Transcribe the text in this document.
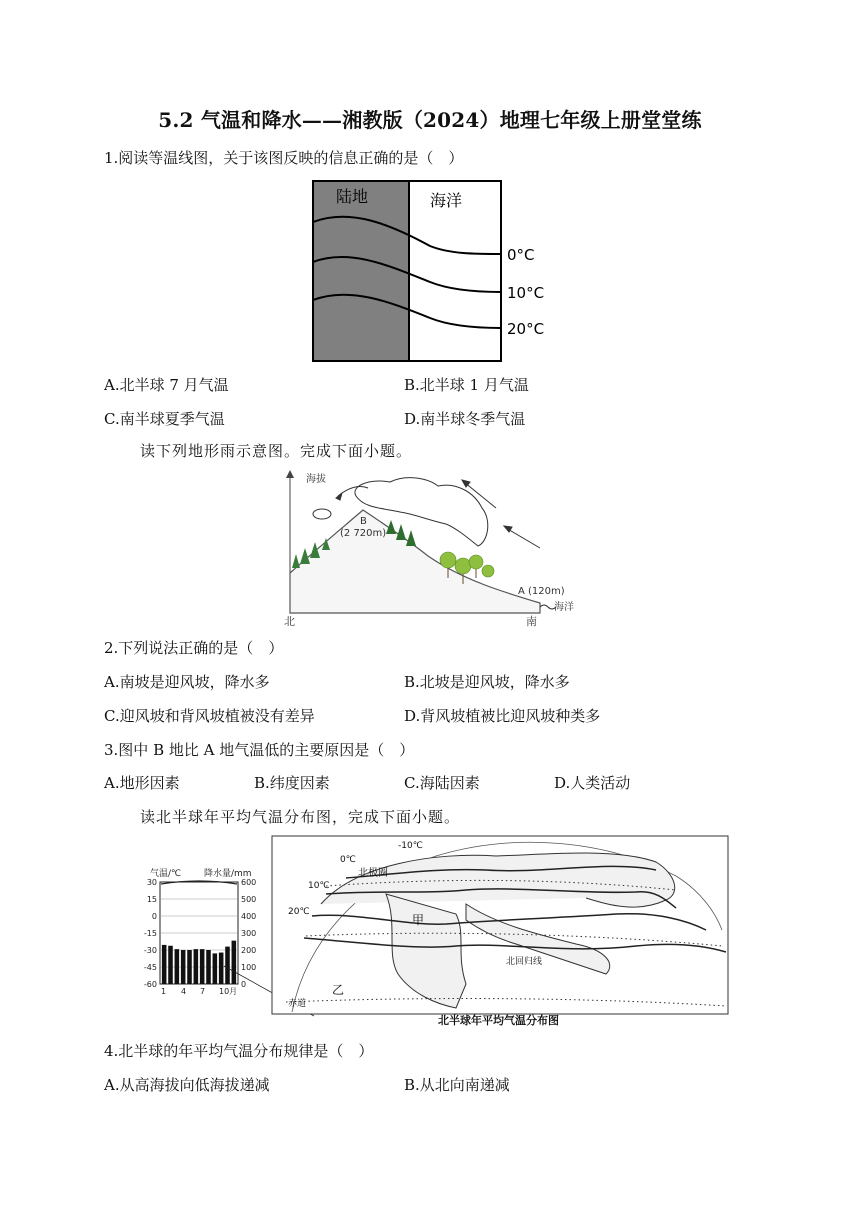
5.2 气温和降水——湘教版（2024）地理七年级上册堂堂练
1.阅读等温线图，关于该图反映的信息正确的是（　）
陆地	海洋
0°C
10°C
20°C
A.北半球 7 月气温	B.北半球 1 月气温
C.南半球夏季气温	D.南半球冬季气温
读下列地形雨示意图。完成下面小题。
海拔
B
(2 720m)
A (120m)
海洋
北	南
2.下列说法正确的是（　）
A.南坡是迎风坡，降水多	B.北坡是迎风坡，降水多
C.迎风坡和背风坡植被没有差异	D.背风坡植被比迎风坡种类多
3.图中 B 地比 A 地气温低的主要原因是（　）
A.地形因素	B.纬度因素	C.海陆因素	D.人类活动
读北半球年平均气温分布图，完成下面小题。
气温/℃	降水量/mm
30
15
0
-15
-30
-45
-60
600
500
400
300
200
100
0
1 4 7 10月
-10℃
0℃
10℃
20℃
北极圈
甲
北回归线
乙
赤道
北半球年平均气温分布图
4.北半球的年平均气温分布规律是（　）
A.从高海拔向低海拔递减	B.从北向南递减
